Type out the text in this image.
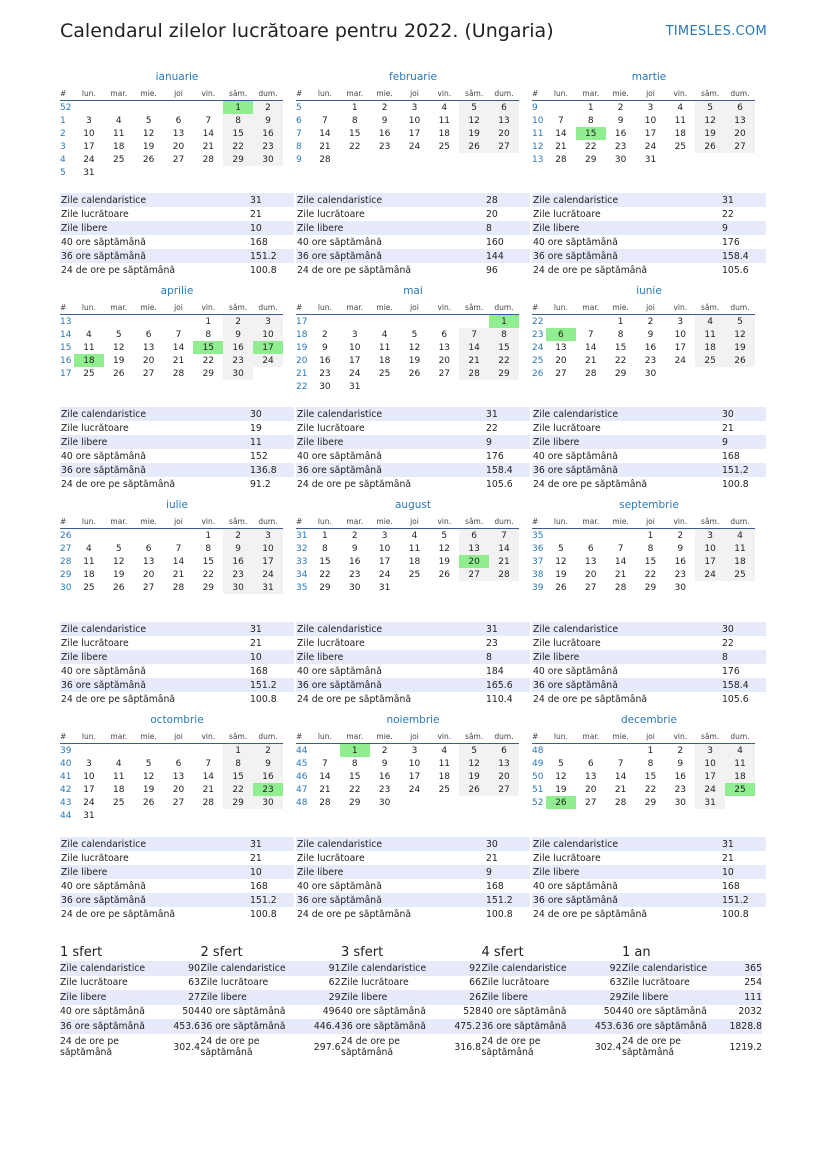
Calendarul zilelor lucrătoare pentru 2022. (Ungaria)	TIMESLES.COM
ianuarie
#	lun.	mar.	mie.	joi	vin.	sâm.	dum.
52						1	2
1	3	4	5	6	7	8	9
2	10	11	12	13	14	15	16
3	17	18	19	20	21	22	23
4	24	25	26	27	28	29	30
5	31						
Zile calendaristice	31
Zile lucrătoare	21
Zile libere	10
40 ore săptămână	168
36 ore săptămână	151.2
24 de ore pe săptămână	100.8
februarie
#	lun.	mar.	mie.	joi	vin.	sâm.	dum.
5		1	2	3	4	5	6
6	7	8	9	10	11	12	13
7	14	15	16	17	18	19	20
8	21	22	23	24	25	26	27
9	28						
Zile calendaristice	28
Zile lucrătoare	20
Zile libere	8
40 ore săptămână	160
36 ore săptămână	144
24 de ore pe săptămână	96
martie
#	lun.	mar.	mie.	joi	vin.	sâm.	dum.
9		1	2	3	4	5	6
10	7	8	9	10	11	12	13
11	14	15	16	17	18	19	20
12	21	22	23	24	25	26	27
13	28	29	30	31			
Zile calendaristice	31
Zile lucrătoare	22
Zile libere	9
40 ore săptămână	176
36 ore săptămână	158.4
24 de ore pe săptămână	105.6
aprilie
#	lun.	mar.	mie.	joi	vin.	sâm.	dum.
13					1	2	3
14	4	5	6	7	8	9	10
15	11	12	13	14	15	16	17
16	18	19	20	21	22	23	24
17	25	26	27	28	29	30	
Zile calendaristice	30
Zile lucrătoare	19
Zile libere	11
40 ore săptămână	152
36 ore săptămână	136.8
24 de ore pe săptămână	91.2
mai
#	lun.	mar.	mie.	joi	vin.	sâm.	dum.
17							1
18	2	3	4	5	6	7	8
19	9	10	11	12	13	14	15
20	16	17	18	19	20	21	22
21	23	24	25	26	27	28	29
22	30	31					
Zile calendaristice	31
Zile lucrătoare	22
Zile libere	9
40 ore săptămână	176
36 ore săptămână	158.4
24 de ore pe săptămână	105.6
iunie
#	lun.	mar.	mie.	joi	vin.	sâm.	dum.
22			1	2	3	4	5
23	6	7	8	9	10	11	12
24	13	14	15	16	17	18	19
25	20	21	22	23	24	25	26
26	27	28	29	30			
Zile calendaristice	30
Zile lucrătoare	21
Zile libere	9
40 ore săptămână	168
36 ore săptămână	151.2
24 de ore pe săptămână	100.8
iulie
#	lun.	mar.	mie.	joi	vin.	sâm.	dum.
26					1	2	3
27	4	5	6	7	8	9	10
28	11	12	13	14	15	16	17
29	18	19	20	21	22	23	24
30	25	26	27	28	29	30	31
Zile calendaristice	31
Zile lucrătoare	21
Zile libere	10
40 ore săptămână	168
36 ore săptămână	151.2
24 de ore pe săptămână	100.8
august
#	lun.	mar.	mie.	joi	vin.	sâm.	dum.
31	1	2	3	4	5	6	7
32	8	9	10	11	12	13	14
33	15	16	17	18	19	20	21
34	22	23	24	25	26	27	28
35	29	30	31				
Zile calendaristice	31
Zile lucrătoare	23
Zile libere	8
40 ore săptămână	184
36 ore săptămână	165.6
24 de ore pe săptămână	110.4
septembrie
#	lun.	mar.	mie.	joi	vin.	sâm.	dum.
35				1	2	3	4
36	5	6	7	8	9	10	11
37	12	13	14	15	16	17	18
38	19	20	21	22	23	24	25
39	26	27	28	29	30		
Zile calendaristice	30
Zile lucrătoare	22
Zile libere	8
40 ore săptămână	176
36 ore săptămână	158.4
24 de ore pe săptămână	105.6
octombrie
#	lun.	mar.	mie.	joi	vin.	sâm.	dum.
39						1	2
40	3	4	5	6	7	8	9
41	10	11	12	13	14	15	16
42	17	18	19	20	21	22	23
43	24	25	26	27	28	29	30
44	31						
Zile calendaristice	31
Zile lucrătoare	21
Zile libere	10
40 ore săptămână	168
36 ore săptămână	151.2
24 de ore pe săptămână	100.8
noiembrie
#	lun.	mar.	mie.	joi	vin.	sâm.	dum.
44		1	2	3	4	5	6
45	7	8	9	10	11	12	13
46	14	15	16	17	18	19	20
47	21	22	23	24	25	26	27
48	28	29	30				
Zile calendaristice	30
Zile lucrătoare	21
Zile libere	9
40 ore săptămână	168
36 ore săptămână	151.2
24 de ore pe săptămână	100.8
decembrie
#	lun.	mar.	mie.	joi	vin.	sâm.	dum.
48				1	2	3	4
49	5	6	7	8	9	10	11
50	12	13	14	15	16	17	18
51	19	20	21	22	23	24	25
52	26	27	28	29	30	31	
Zile calendaristice	31
Zile lucrătoare	21
Zile libere	10
40 ore săptămână	168
36 ore săptămână	151.2
24 de ore pe săptămână	100.8
1 sfert
Zile calendaristice	90
Zile lucrătoare	63
Zile libere	27
40 ore săptămână	504
36 ore săptămână	453.6
24 de ore pe săptămână	302.4
2 sfert
Zile calendaristice	91
Zile lucrătoare	62
Zile libere	29
40 ore săptămână	496
36 ore săptămână	446.4
24 de ore pe săptămână	297.6
3 sfert
Zile calendaristice	92
Zile lucrătoare	66
Zile libere	26
40 ore săptămână	528
36 ore săptămână	475.2
24 de ore pe săptămână	316.8
4 sfert
Zile calendaristice	92
Zile lucrătoare	63
Zile libere	29
40 ore săptămână	504
36 ore săptămână	453.6
24 de ore pe săptămână	302.4
1 an
Zile calendaristice	365
Zile lucrătoare	254
Zile libere	111
40 ore săptămână	2032
36 ore săptămână	1828.8
24 de ore pe săptămână	1219.2
